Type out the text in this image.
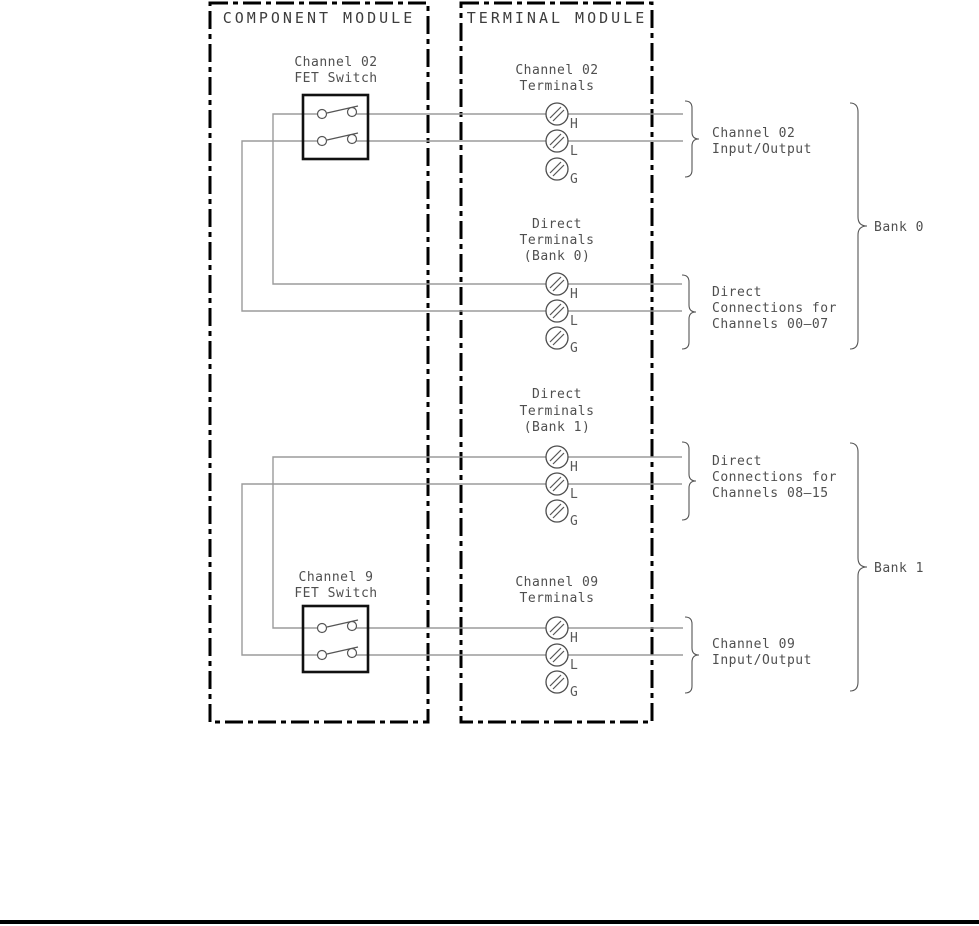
COMPONENT MODULE	TERMINAL MODULE
Channel 02
FET Switch
Channel 9
FET Switch
Channel 02
Terminals
H
L
G
Direct
Terminals
(Bank 0)
H
L
G
Direct
Terminals
(Bank 1)
H
L
G
Channel 09
Terminals
H
L
G
Channel 02
Input/Output
Direct
Connections for
Channels 00–07
Direct
Connections for
Channels 08–15
Channel 09
Input/Output
Bank 0
Bank 1
